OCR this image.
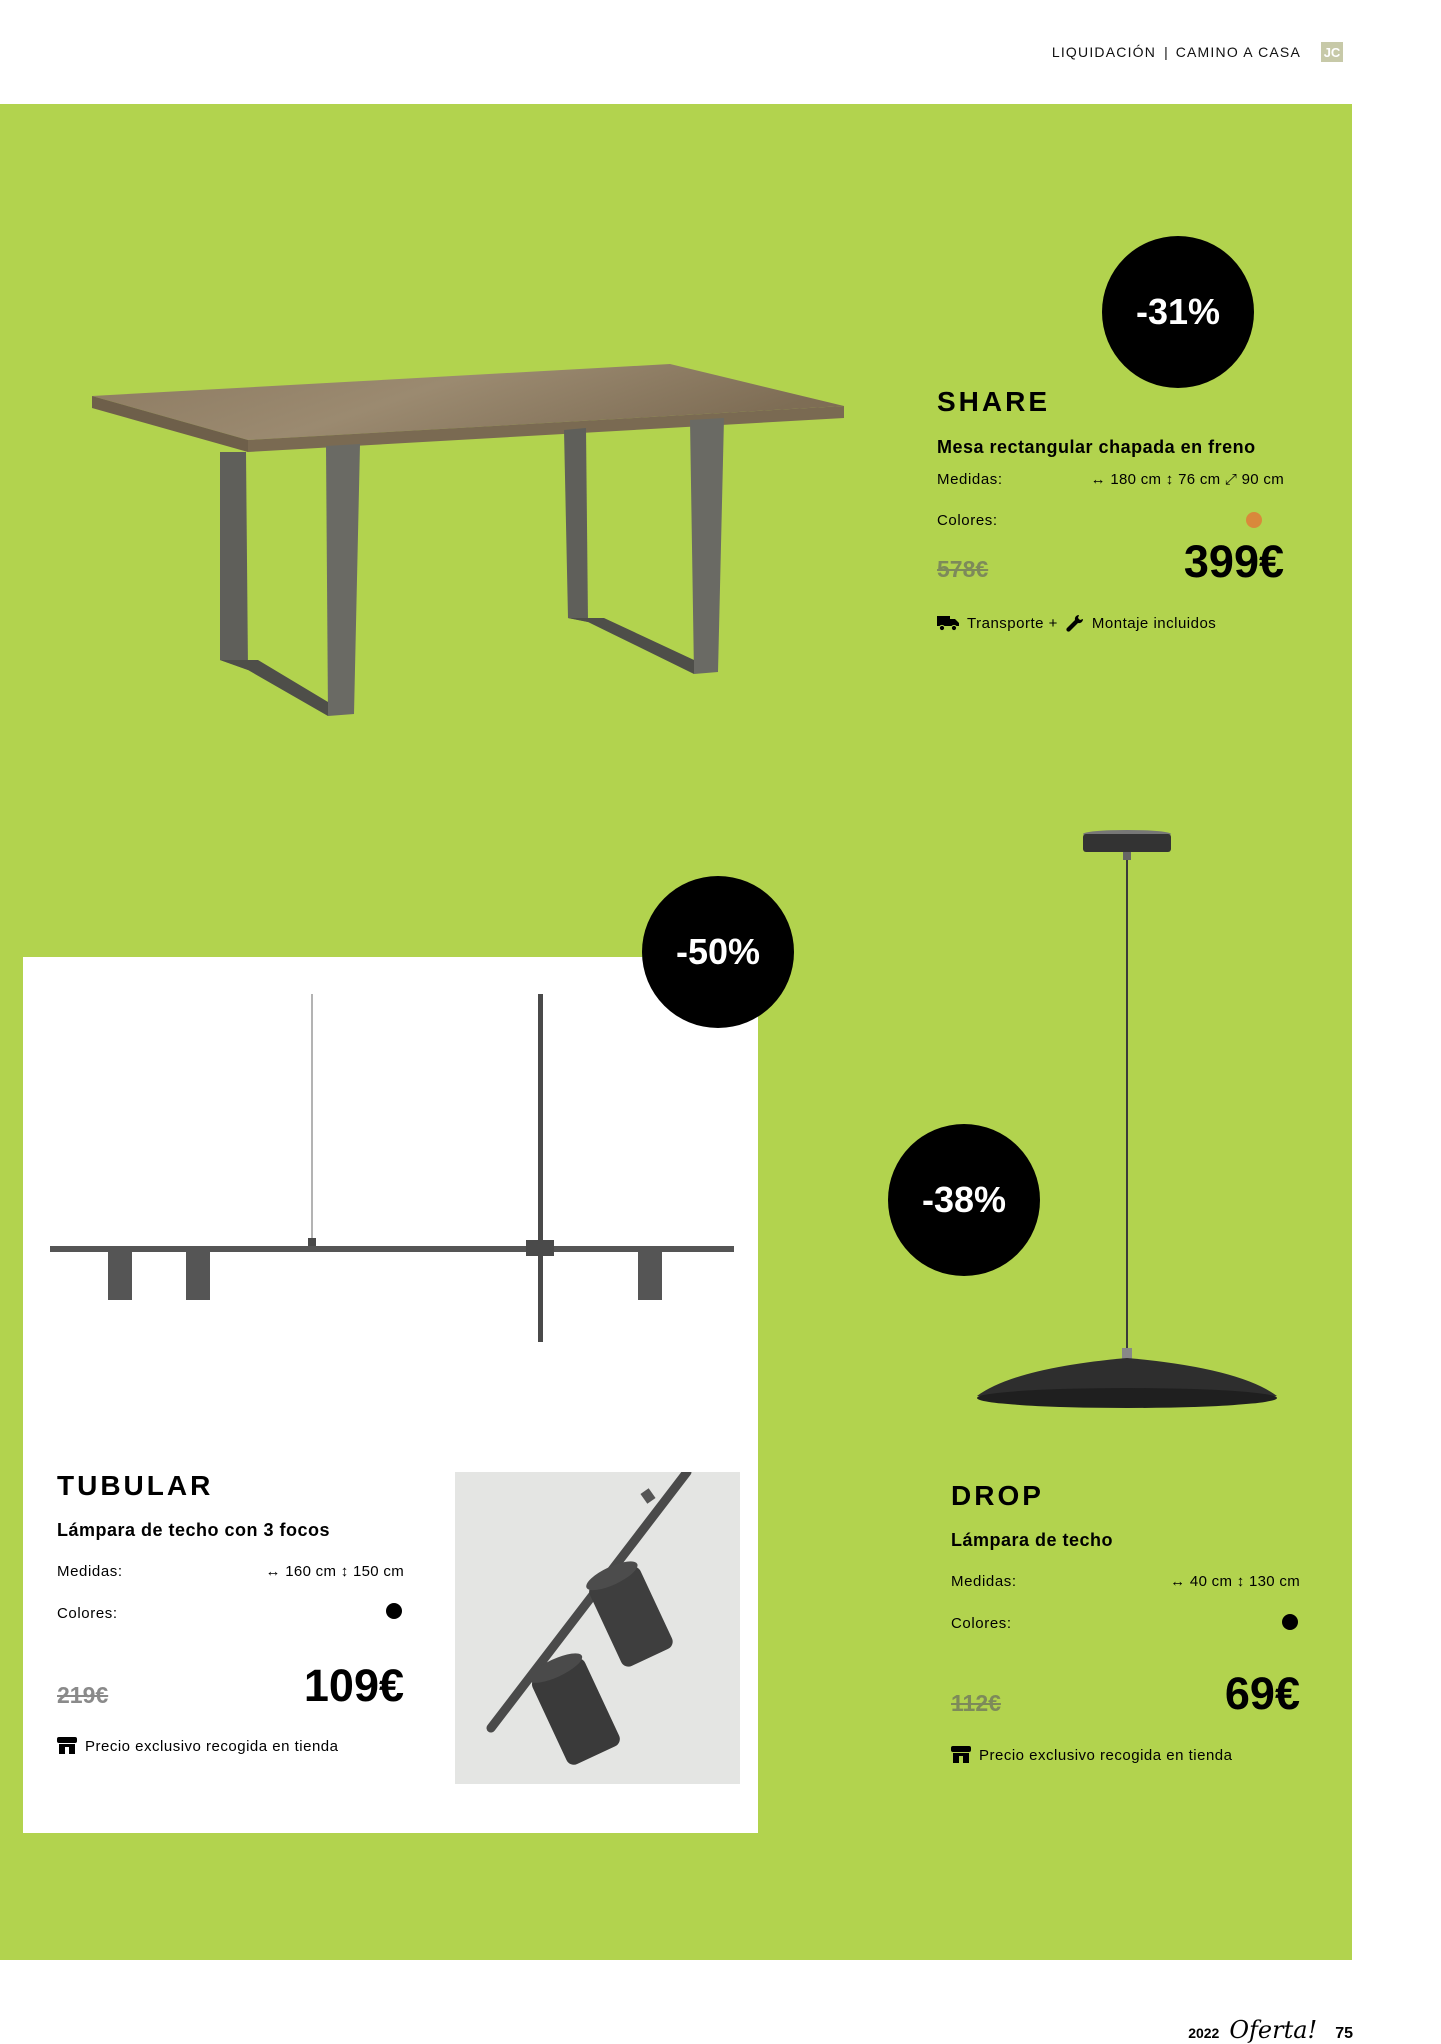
LIQUIDACIÓN | CAMINO A CASA JC
-31%
SHARE
Mesa rectangular chapada en freno
Medidas:	↔ 180 cm ↕ 76 cm ⤢ 90 cm
Colores:
578€	399€
Transporte + Montaje incluidos
-50%
TUBULAR
Lámpara de techo con 3 focos
Medidas:	↔ 160 cm ↕ 150 cm
Colores:
219€	109€
Precio exclusivo recogida en tienda
-38%
DROP
Lámpara de techo
Medidas:	↔ 40 cm ↕ 130 cm
Colores:
112€	69€
Precio exclusivo recogida en tienda
2022 Oferta! 75
